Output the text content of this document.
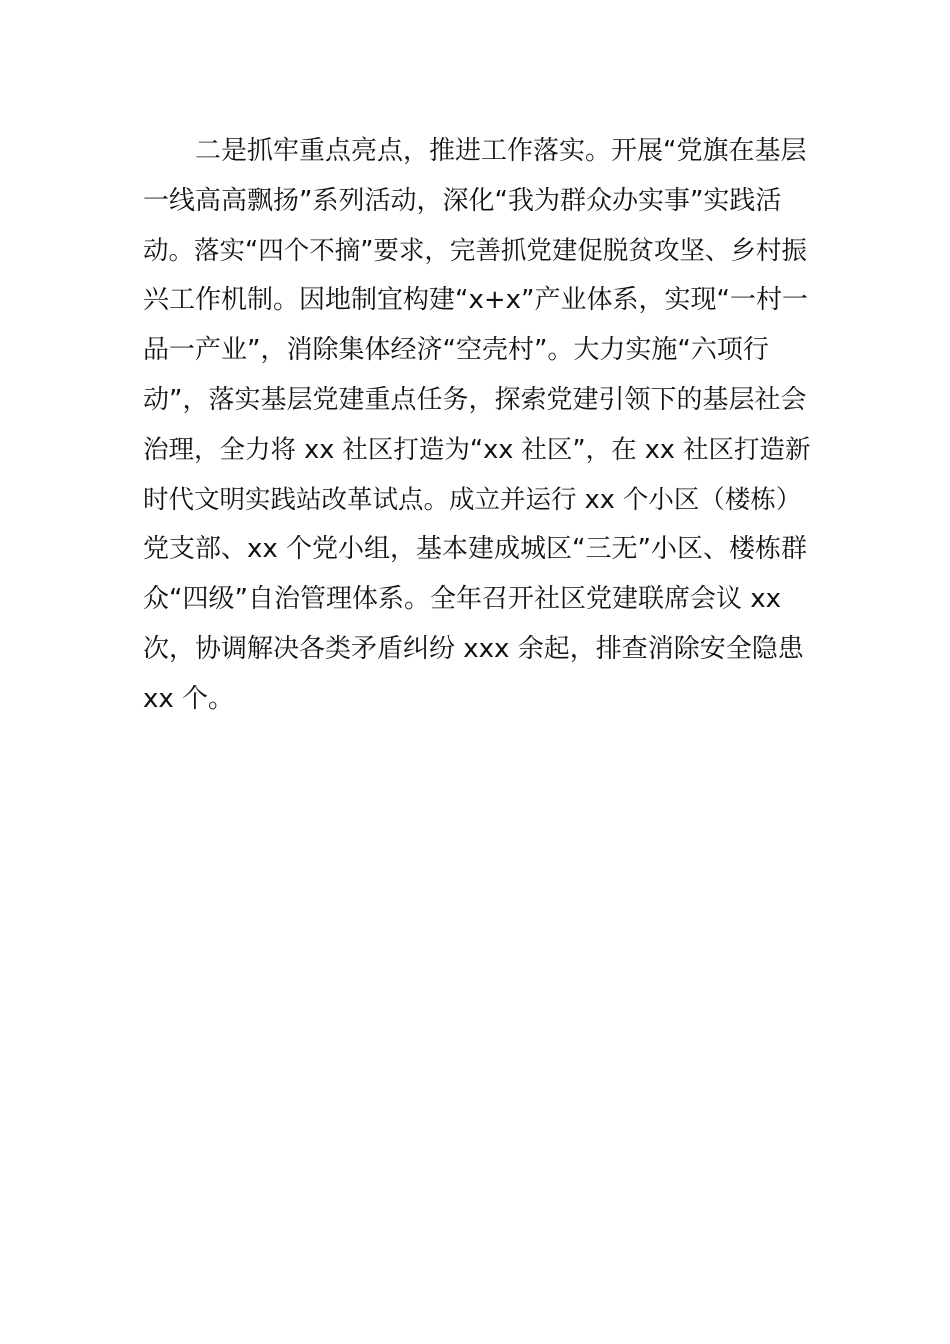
二是抓牢重点亮点，推进工作落实。开展“党旗在基层
一线高高飘扬”系列活动，深化“我为群众办实事”实践活
动。落实“四个不摘”要求，完善抓党建促脱贫攻坚、乡村振
兴工作机制。因地制宜构建“x+x”产业体系，实现“一村一
品一产业”，消除集体经济“空壳村”。大力实施“六项行
动”，落实基层党建重点任务，探索党建引领下的基层社会
治理，全力将 xx 社区打造为“xx 社区”，在 xx 社区打造新
时代文明实践站改革试点。成立并运行 xx 个小区（楼栋）
党支部、xx 个党小组，基本建成城区“三无”小区、楼栋群
众“四级”自治管理体系。全年召开社区党建联席会议 xx
次，协调解决各类矛盾纠纷 xxx 余起，排查消除安全隐患
xx 个。
